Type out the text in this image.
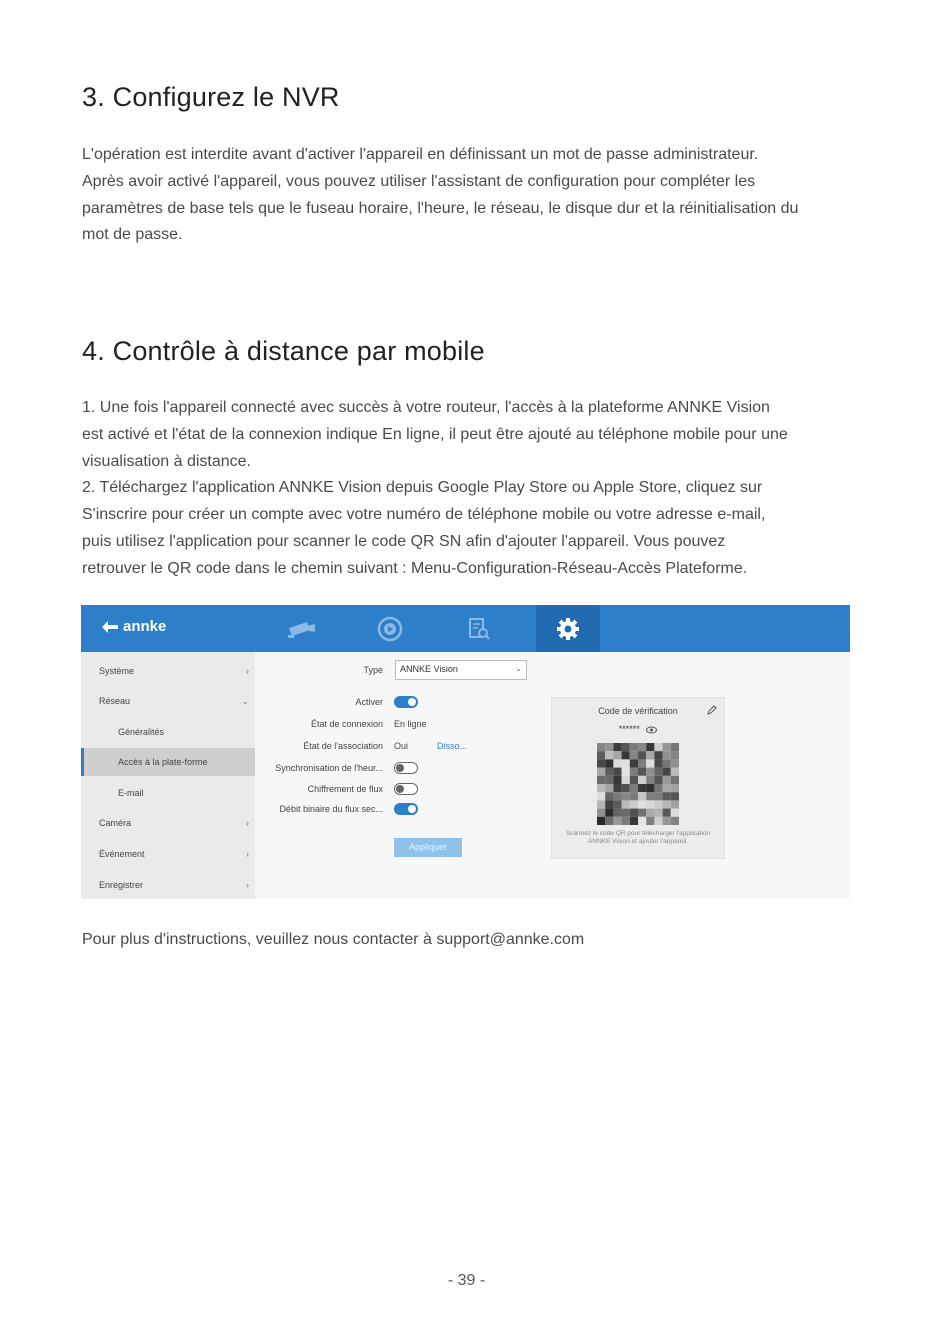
3. Configurez le NVR

L'opération est interdite avant d'activer l'appareil en définissant un mot de passe administrateur.

Après avoir activé l'appareil, vous pouvez utiliser l'assistant de configuration pour compléter les

paramètres de base tels que le fuseau horaire, l'heure, le réseau, le disque dur et la réinitialisation du

mot de passe.

4. Contrôle à distance par mobile

1. Une fois l'appareil connecté avec succès à votre routeur, l'accès à la plateforme ANNKE Vision

est activé et l'état de la connexion indique En ligne, il peut être ajouté au téléphone mobile pour une

visualisation à distance.

2. Téléchargez l'application ANNKE Vision depuis Google Play Store ou Apple Store, cliquez sur

S'inscrire pour créer un compte avec votre numéro de téléphone mobile ou votre adresse e-mail,

puis utilisez l'application pour scanner le code QR SN afin d'ajouter l'appareil. Vous pouvez

retrouver le QR code dans le chemin suivant : Menu-Configuration-Réseau-Accès Plateforme.

annke
Système	›
Réseau	⌄
Généralités
Accès à la plate-forme
E-mail
Caméra	›
Événement	›
Enregistrer	›
Type	ANNKE Vision	⌄
Activer
État de connexion En ligne
État de l'association Oui	Disso...
Synchronisation de l'heur...
Chiffrement de flux
Débit binaire du flux sec...
Appliquer
Code de vérification
******
Scannez le code QR pour télécharger l'application
ANNKE Vision et ajouter l'appareil.
Pour plus d'instructions, veuillez nous contacter à support@annke.com
- 39 -
